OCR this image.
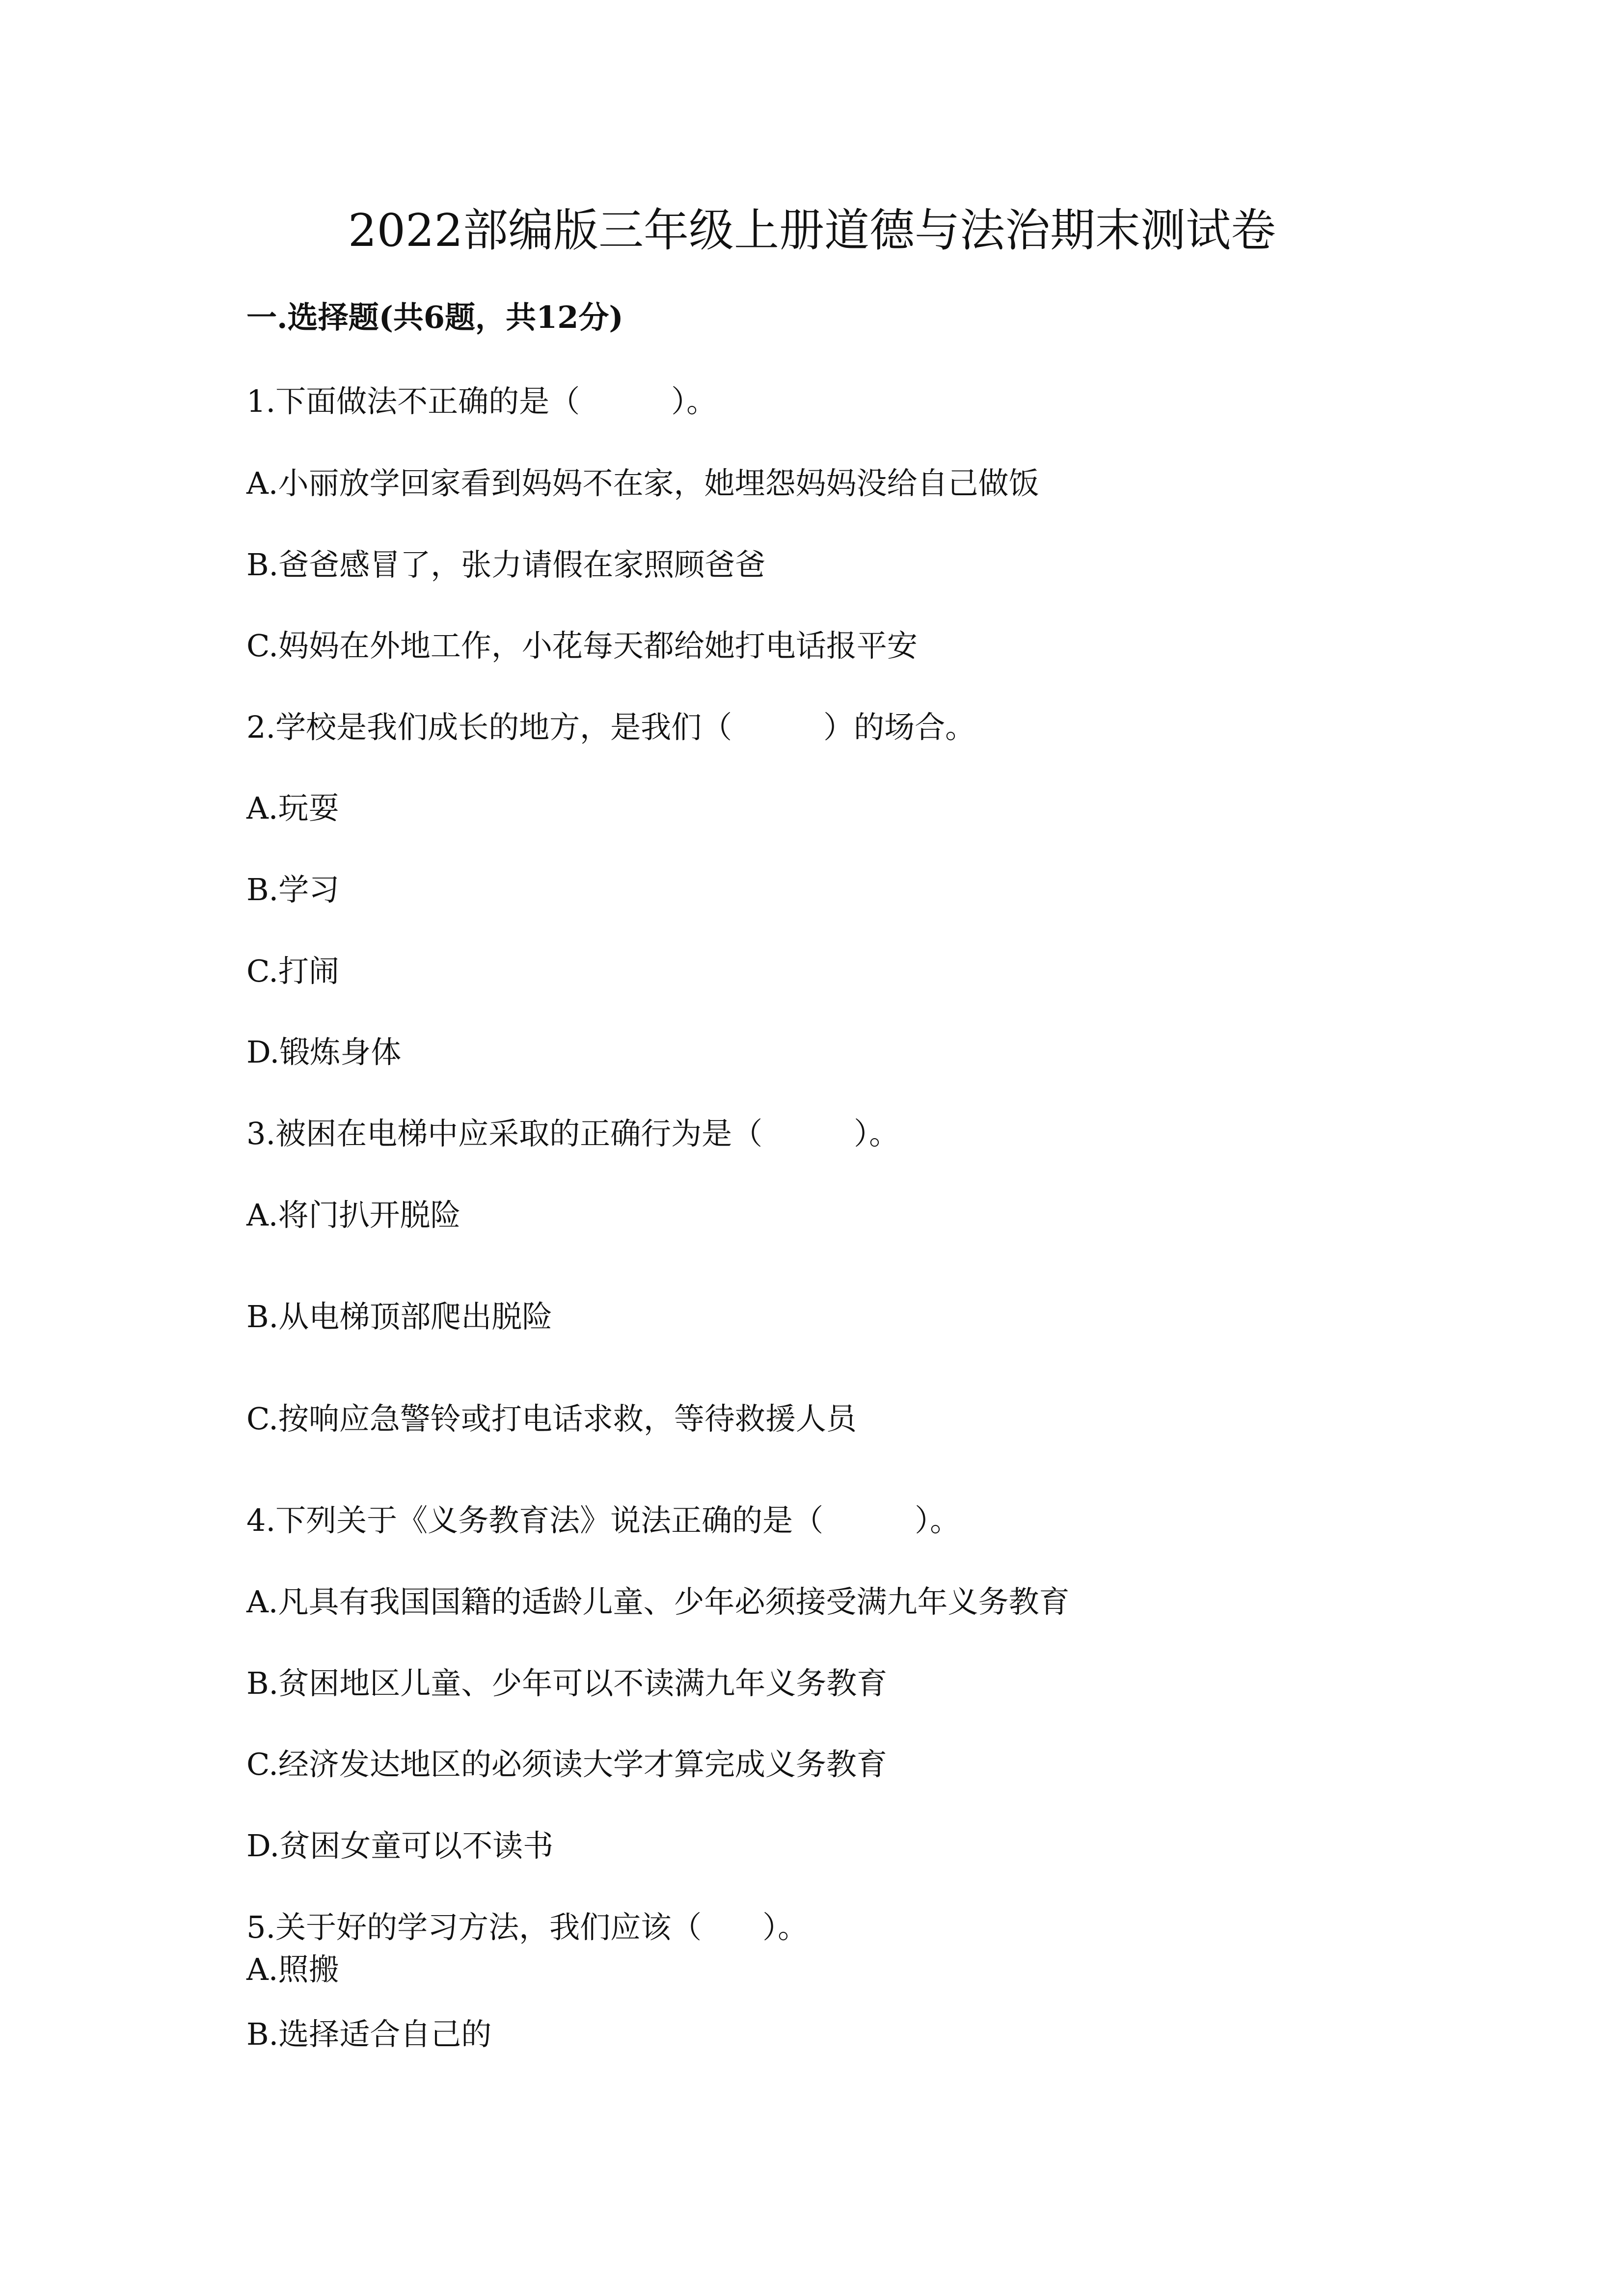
2022部编版三年级上册道德与法治期末测试卷
一.选择题(共6题，共12分)

1.下面做法不正确的是（　　　）。

A.小丽放学回家看到妈妈不在家，她埋怨妈妈没给自己做饭

B.爸爸感冒了，张力请假在家照顾爸爸

C.妈妈在外地工作，小花每天都给她打电话报平安

2.学校是我们成长的地方，是我们（　　　）的场合。

A.玩耍

B.学习

C.打闹

D.锻炼身体

3.被困在电梯中应采取的正确行为是（　　　）。

A.将门扒开脱险

B.从电梯顶部爬出脱险

C.按响应急警铃或打电话求救，等待救援人员

4.下列关于《义务教育法》说法正确的是（　　　）。

A.凡具有我国国籍的适龄儿童、少年必须接受满九年义务教育

B.贫困地区儿童、少年可以不读满九年义务教育

C.经济发达地区的必须读大学才算完成义务教育

D.贫困女童可以不读书

5.关于好的学习方法，我们应该（　　）。

A.照搬

B.选择适合自己的
